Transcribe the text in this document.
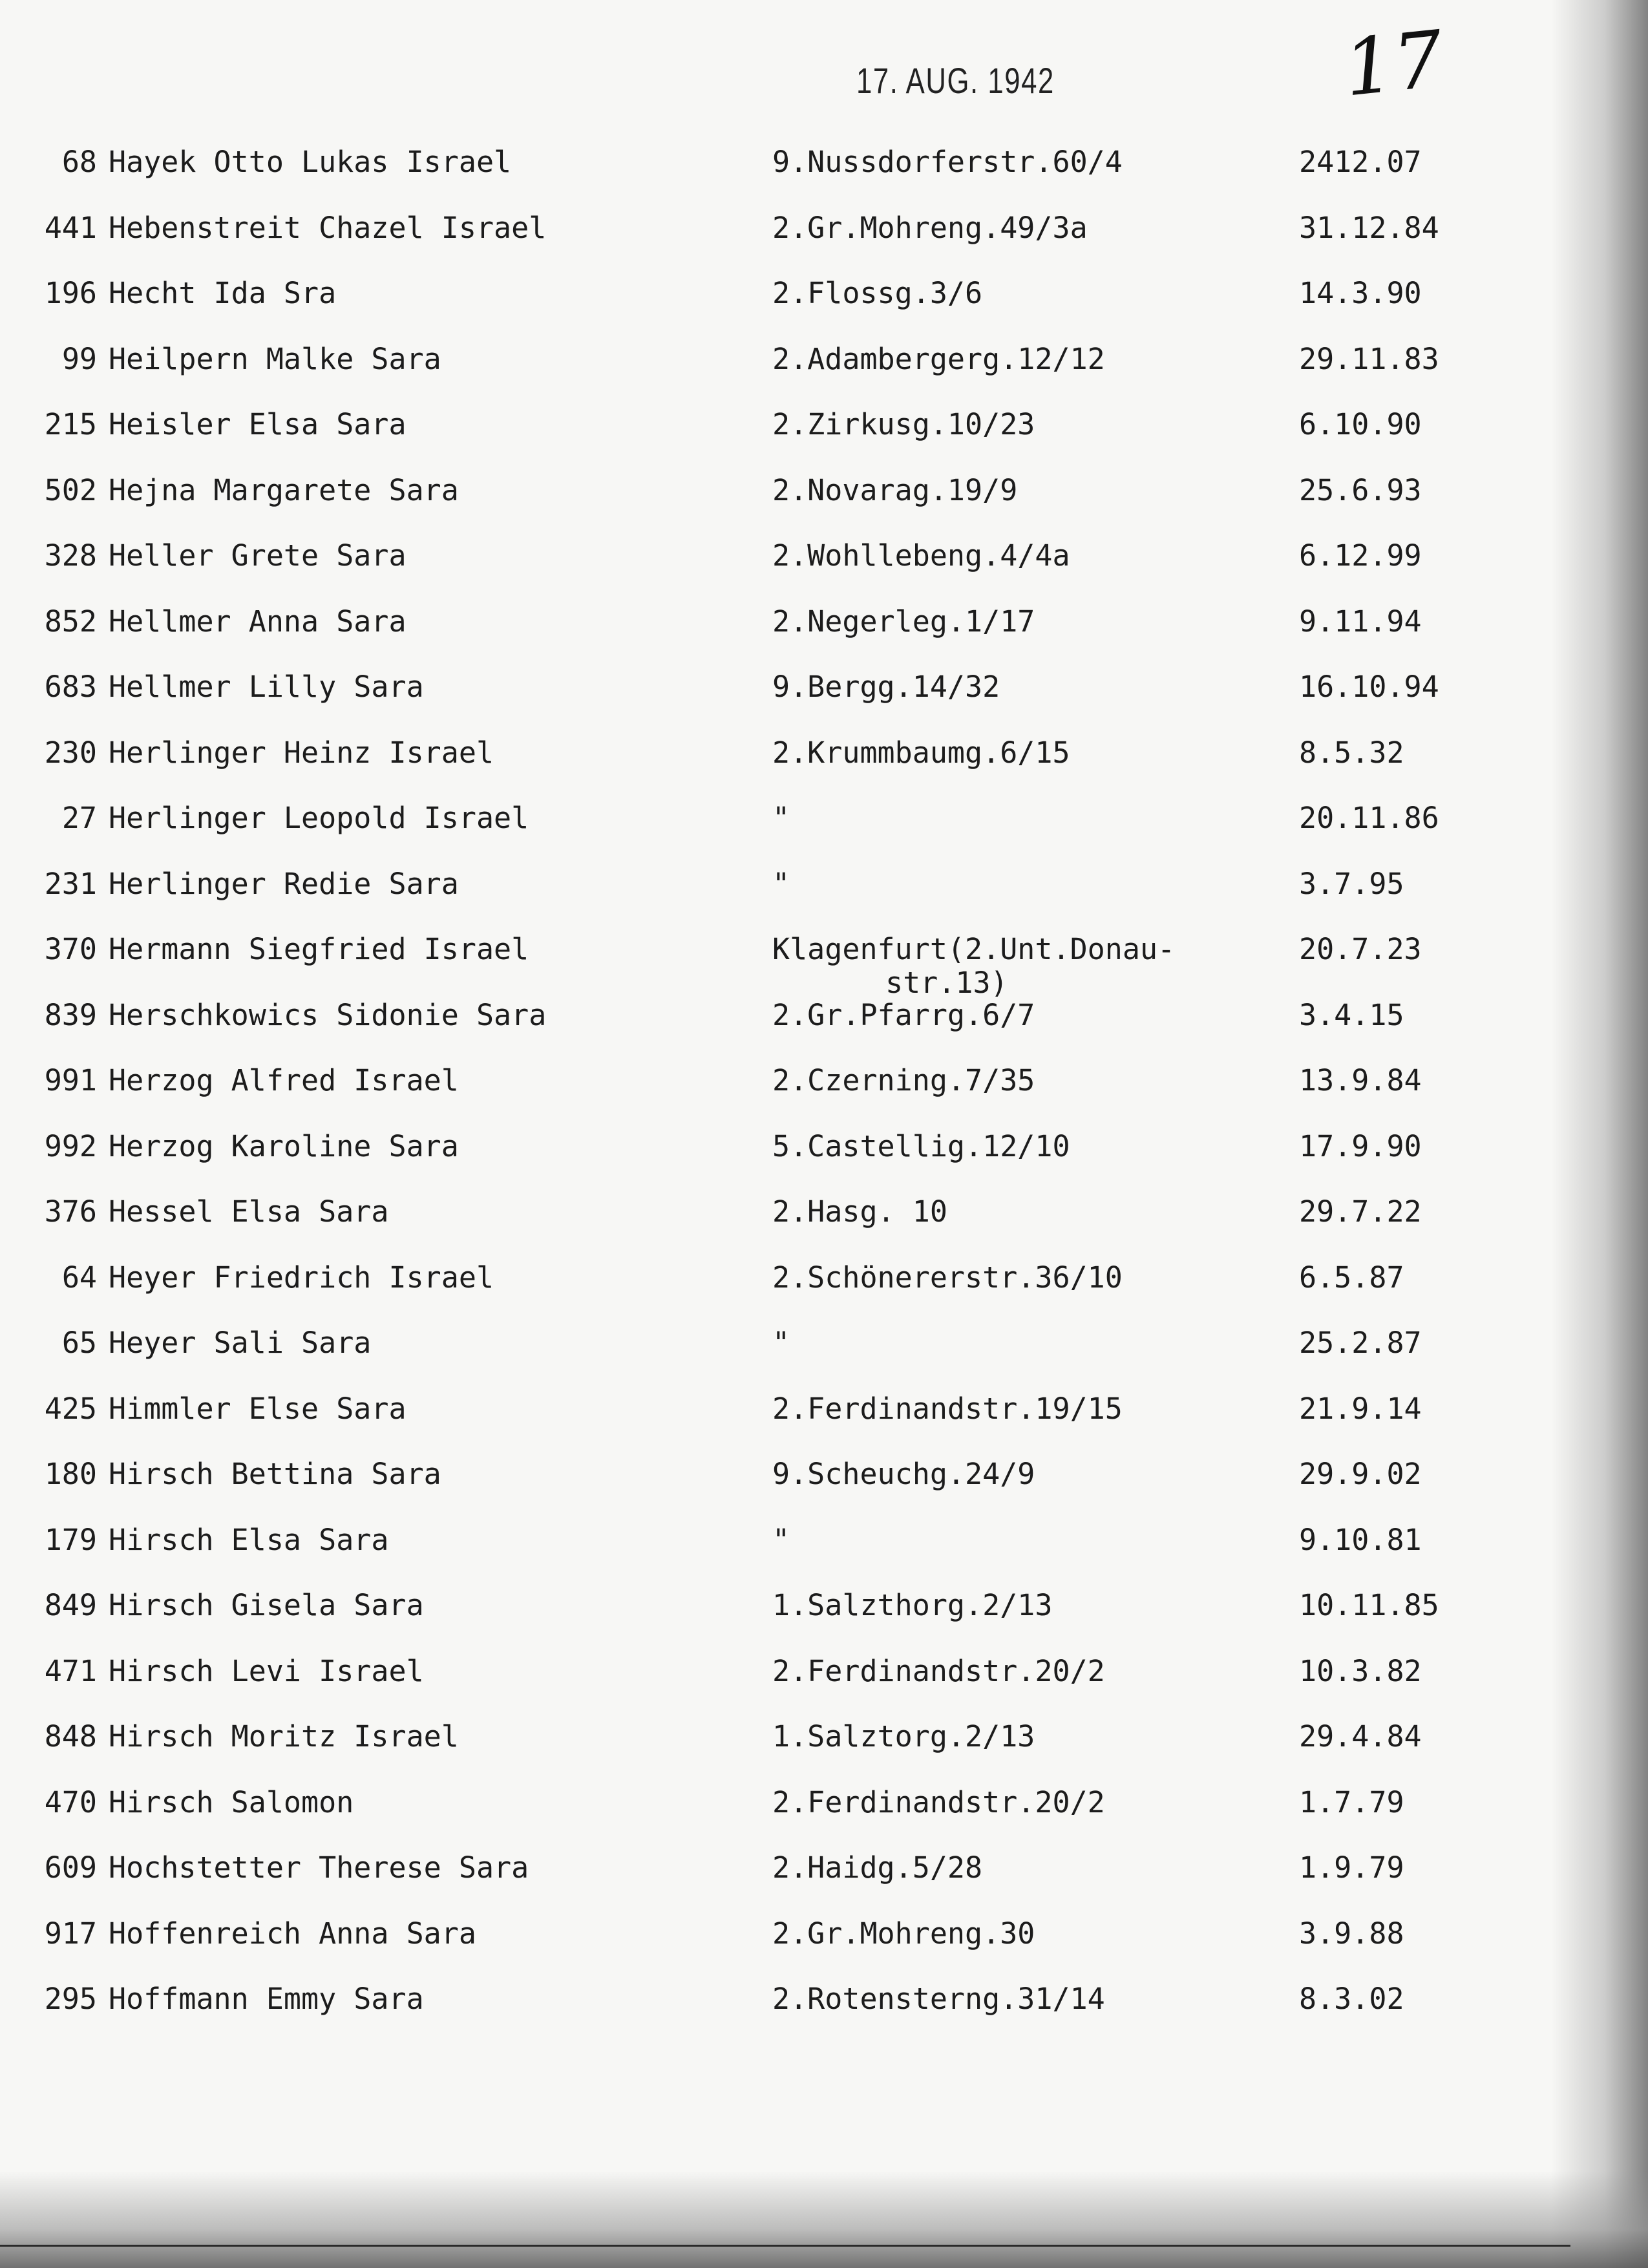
17. AUG. 1942	17
68 Hayek Otto Lukas Israel	9.Nussdorferstr.60/4	2412.07
441 Hebenstreit Chazel Israel	2.Gr.Mohreng.49/3a	31.12.84
196 Hecht Ida Sra	2.Flossg.3/6	14.3.90
99 Heilpern Malke Sara	2.Adambergerg.12/12	29.11.83
215 Heisler Elsa Sara	2.Zirkusg.10/23	6.10.90
502 Hejna Margarete Sara	2.Novarag.19/9	25.6.93
328 Heller Grete Sara	2.Wohllebeng.4/4a	6.12.99
852 Hellmer Anna Sara	2.Negerleg.1/17	9.11.94
683 Hellmer Lilly Sara	9.Bergg.14/32	16.10.94
230 Herlinger Heinz Israel	2.Krummbaumg.6/15	8.5.32
27 Herlinger Leopold Israel	"	20.11.86
231 Herlinger Redie Sara	"	3.7.95
370 Hermann Siegfried Israel	Klagenfurt(2.Unt.Donau-	20.7.23
str.13)
839 Herschkowics Sidonie Sara	2.Gr.Pfarrg.6/7	3.4.15
991 Herzog Alfred Israel	2.Czerning.7/35	13.9.84
992 Herzog Karoline Sara	5.Castellig.12/10	17.9.90
376 Hessel Elsa Sara	2.Hasg. 10	29.7.22
64 Heyer Friedrich Israel	2.Schönererstr.36/10	6.5.87
65 Heyer Sali Sara	"	25.2.87
425 Himmler Else Sara	2.Ferdinandstr.19/15	21.9.14
180 Hirsch Bettina Sara	9.Scheuchg.24/9	29.9.02
179 Hirsch Elsa Sara	"	9.10.81
849 Hirsch Gisela Sara	1.Salzthorg.2/13	10.11.85
471 Hirsch Levi Israel	2.Ferdinandstr.20/2	10.3.82
848 Hirsch Moritz Israel	1.Salztorg.2/13	29.4.84
470 Hirsch Salomon	2.Ferdinandstr.20/2	1.7.79
609 Hochstetter Therese Sara	2.Haidg.5/28	1.9.79
917 Hoffenreich Anna Sara	2.Gr.Mohreng.30	3.9.88
295 Hoffmann Emmy Sara	2.Rotensterng.31/14	8.3.02
